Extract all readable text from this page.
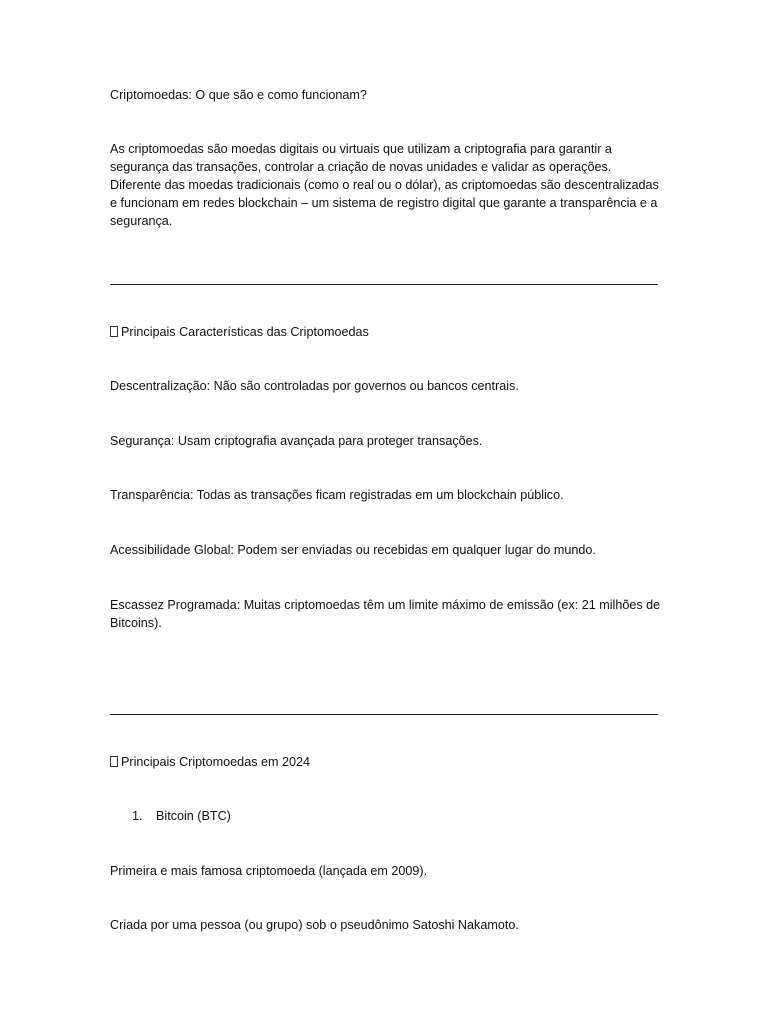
Criptomoedas: O que são e como funcionam?
As criptomoedas são moedas digitais ou virtuais que utilizam a criptografia para garantir a segurança das transações, controlar a criação de novas unidades e validar as operações. Diferente das moedas tradicionais (como o real ou o dólar), as criptomoedas são descentralizadas e funcionam em redes blockchain – um sistema de registro digital que garante a transparência e a segurança.
Principais Características das Criptomoedas
Descentralização: Não são controladas por governos ou bancos centrais.
Segurança: Usam criptografia avançada para proteger transações.
Transparência: Todas as transações ficam registradas em um blockchain público.
Acessibilidade Global: Podem ser enviadas ou recebidas em qualquer lugar do mundo.
Escassez Programada: Muitas criptomoedas têm um limite máximo de emissão (ex: 21 milhões de Bitcoins).
Principais Criptomoedas em 2024
1. Bitcoin (BTC)
Primeira e mais famosa criptomoeda (lançada em 2009).
Criada por uma pessoa (ou grupo) sob o pseudônimo Satoshi Nakamoto.
